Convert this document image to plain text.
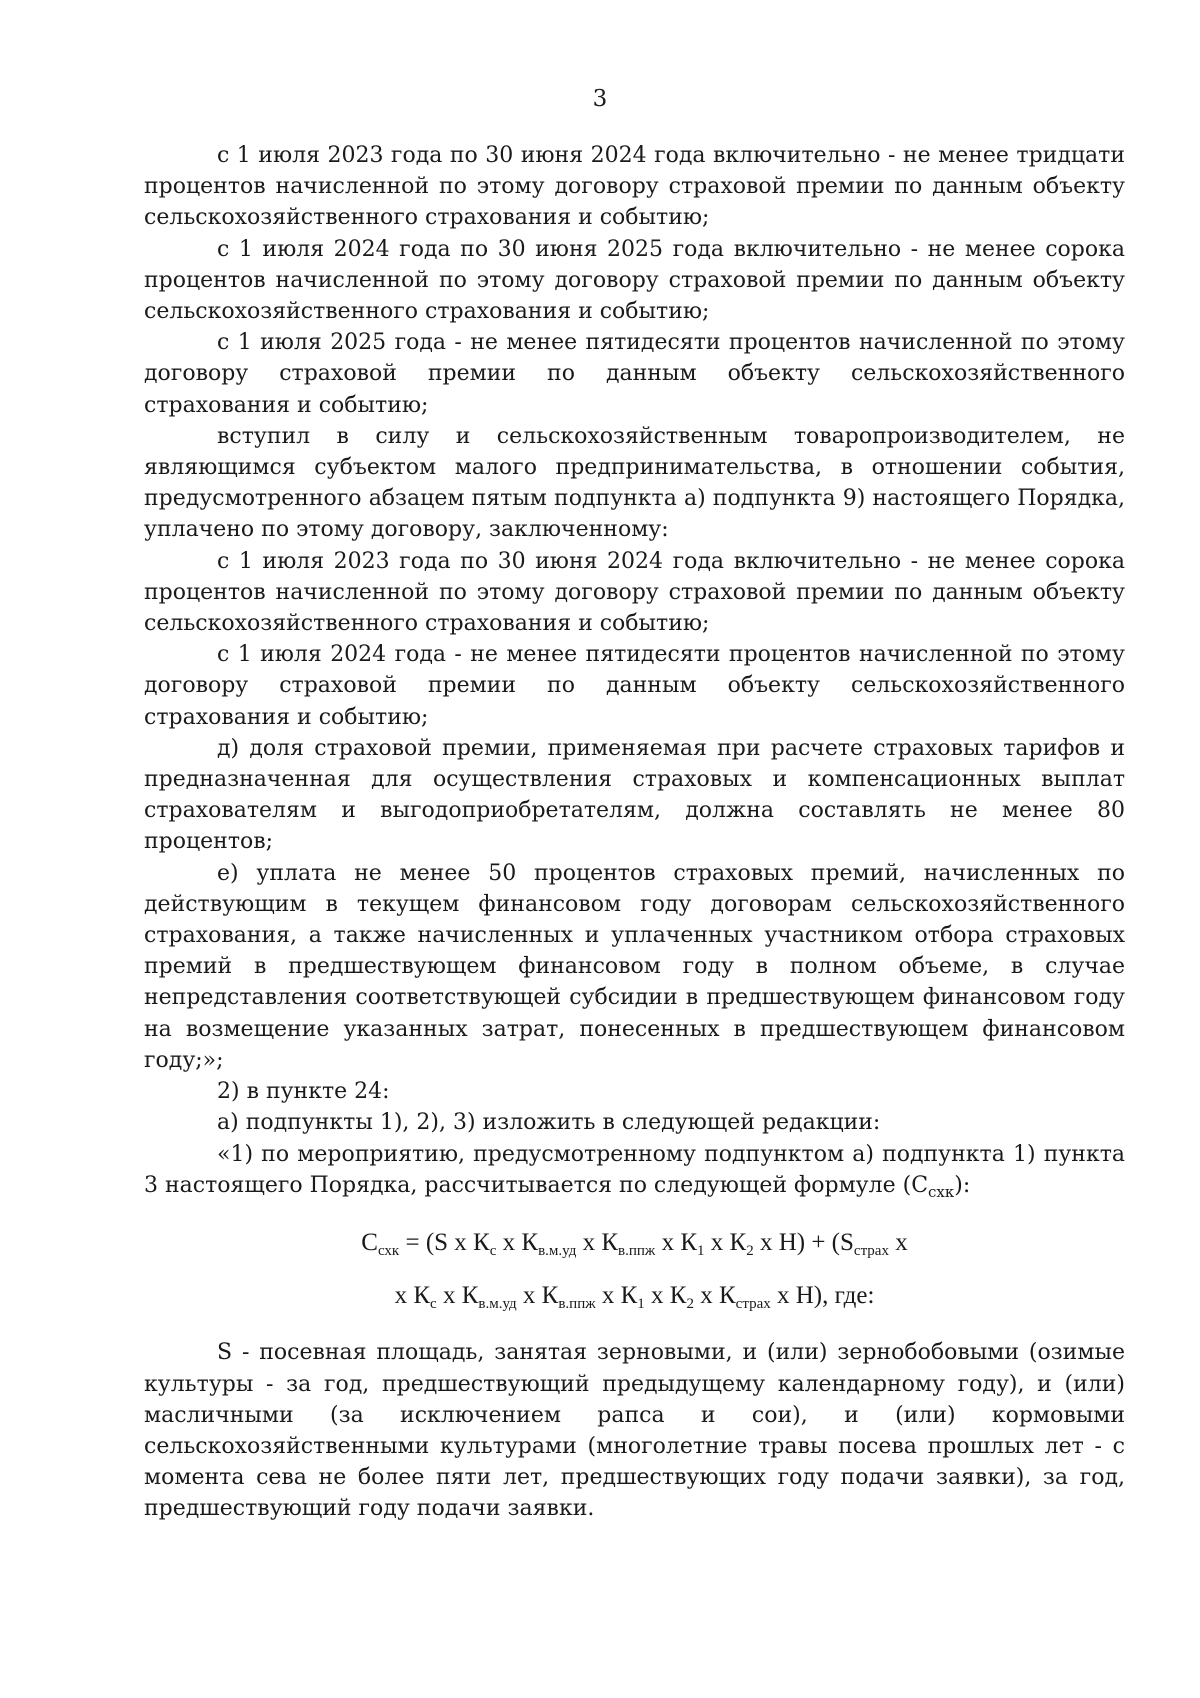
3

с 1 июля 2023 года по 30 июня 2024 года включительно - не менее тридцати процентов начисленной по этому договору страховой премии по данным объекту сельскохозяйственного страхования и событию;

с 1 июля 2024 года по 30 июня 2025 года включительно - не менее сорока процентов начисленной по этому договору страховой премии по данным объекту сельскохозяйственного страхования и событию;

с 1 июля 2025 года - не менее пятидесяти процентов начисленной по этому договору страховой премии по данным объекту сельскохозяйственного страхования и событию;

вступил в силу и сельскохозяйственным товаропроизводителем, не являющимся субъектом малого предпринимательства, в отношении события, предусмотренного абзацем пятым подпункта а) подпункта 9) настоящего Порядка, уплачено по этому договору, заключенному:

с 1 июля 2023 года по 30 июня 2024 года включительно - не менее сорока процентов начисленной по этому договору страховой премии по данным объекту сельскохозяйственного страхования и событию;

с 1 июля 2024 года - не менее пятидесяти процентов начисленной по этому договору страховой премии по данным объекту сельскохозяйственного страхования и событию;

д) доля страховой премии, применяемая при расчете страховых тарифов и предназначенная для осуществления страховых и компенсационных выплат страхователям и выгодоприобретателям, должна составлять не менее 80 процентов;

е) уплата не менее 50 процентов страховых премий, начисленных по действующим в текущем финансовом году договорам сельскохозяйственного страхования, а также начисленных и уплаченных участником отбора страховых премий в предшествующем финансовом году в полном объеме, в случае непредставления соответствующей субсидии в предшествующем финансовом году на возмещение указанных затрат, понесенных в предшествующем финансовом году;»;

2) в пункте 24:

а) подпункты 1), 2), 3) изложить в следующей редакции:

«1) по мероприятию, предусмотренному подпунктом а) подпункта 1) пункта 3 настоящего Порядка, рассчитывается по следующей формуле $(С_{схк})$:

$С_{схк} = (S$ х $К_с$ х $К_{в.м.уд}$ х $К_{в.ппж}$ х $К_1$ х $К_2$ х $Н) + (S_{страх}$ х
х $К_с$ х $К_{в.м.уд}$ х $К_{в.ппж}$ х $К_1$ х $К_2$ х $К_{страх}$ х Н), где:

S - посевная площадь, занятая зерновыми, и (или) зернобобовыми (озимые культуры - за год, предшествующий предыдущему календарному году), и (или) масличными (за исключением рапса и сои), и (или) кормовыми сельскохозяйственными культурами (многолетние травы посева прошлых лет - с момента сева не более пяти лет, предшествующих году подачи заявки), за год, предшествующий году подачи заявки.
